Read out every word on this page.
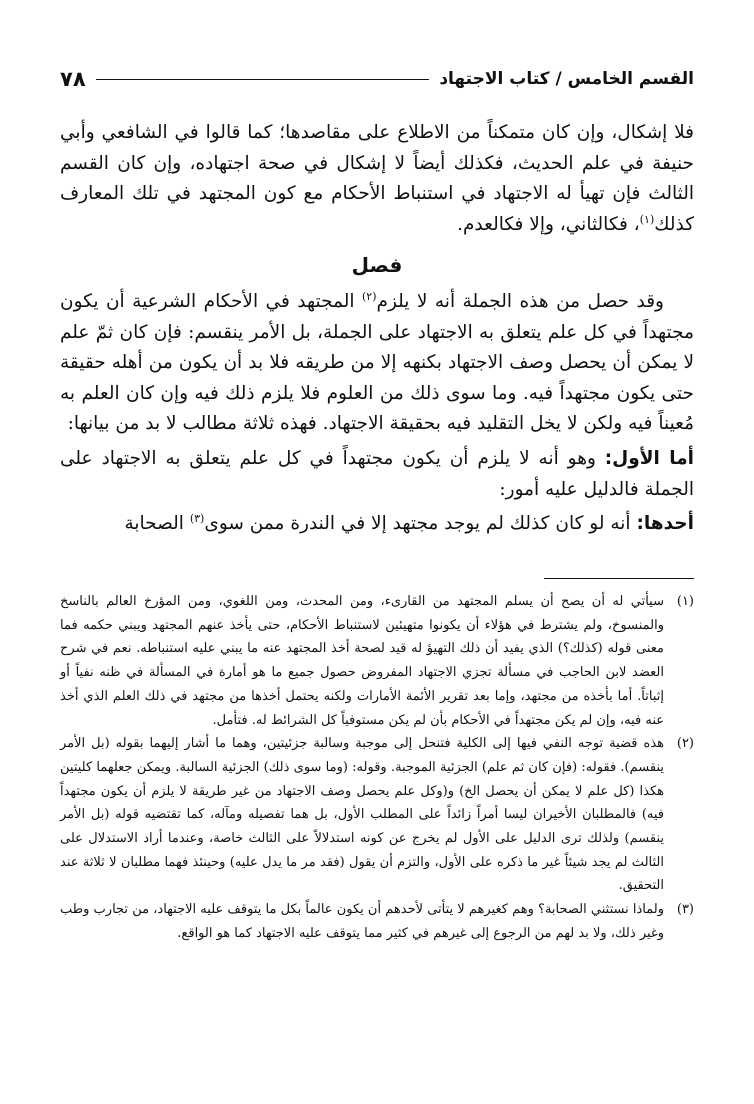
القسم الخامس / كتاب الاجتهاد
٧٨

فلا إشكال، وإن كان متمكناً من الاطلاع على مقاصدها؛ كما قالوا في الشافعي وأبي حنيفة في علم الحديث، فكذلك أيضاً لا إشكال في صحة اجتهاده، وإن كان القسم الثالث فإن تهيأ له الاجتهاد في استنباط الأحكام مع كون المجتهد في تلك المعارف كذلك$^{(١)}$، فكالثاني، وإلا فكالعدم.

فصل

وقد حصل من هذه الجملة أنه لا يلزم$^{(٢)}$ المجتهد في الأحكام الشرعية أن يكون مجتهداً في كل علم يتعلق به الاجتهاد على الجملة، بل الأمر ينقسم: فإن كان ثمّ علم لا يمكن أن يحصل وصف الاجتهاد بكنهه إلا من طريقه فلا بد أن يكون من أهله حقيقة حتى يكون مجتهداً فيه. وما سوى ذلك من العلوم فلا يلزم ذلك فيه وإن كان العلم به مُعيناً فيه ولكن لا يخل التقليد فيه بحقيقة الاجتهاد. فهذه ثلاثة مطالب لا بد من بيانها:

أما الأول: وهو أنه لا يلزم أن يكون مجتهداً في كل علم يتعلق به الاجتهاد على الجملة فالدليل عليه أمور:

أحدها: أنه لو كان كذلك لم يوجد مجتهد إلا في الندرة ممن سوى$^{(٣)}$ الصحابة

(١)
سيأتي له أن يصح أن يسلم المجتهد من القارىء، ومن المحدث، ومن اللغوي، ومن المؤرخ العالم بالناسخ والمنسوخ، ولم يشترط في هؤلاء أن يكونوا متهيئين لاستنباط الأحكام، حتى يأخذ عنهم المجتهد ويبني حكمه فما معنى قوله (كذلك؟) الذي يفيد أن ذلك التهيؤ له قيد لصحة أخذ المجتهد عنه ما يبني عليه استنباطه. نعم في شرح العضد لابن الحاجب في مسألة تجزي الاجتهاد المفروض حصول جميع ما هو أمارة في المسألة في ظنه نفياً أو إثباتاً. أما بأخذه من مجتهد، وإما بعد تقرير الأئمة الأمارات ولكنه يحتمل أخذها من مجتهد في ذلك العلم الذي أخذ عنه فيه، وإن لم يكن مجتهداً في الأحكام بأن لم يكن مستوفياً كل الشرائط له. فتأمل.
(٢)
هذه قضية توجه النفي فيها إلى الكلية فتنحل إلى موجبة وسالبة جزئيتين، وهما ما أشار إليهما بقوله (بل الأمر ينقسم). فقوله: (فإن كان ثم علم) الجزئية الموجبة. وقوله: (وما سوى ذلك) الجزئية السالبة. ويمكن جعلهما كليتين هكذا (كل علم لا يمكن أن يحصل الخ) و(وكل علم يحصل وصف الاجتهاد من غير طريقة لا يلزم أن يكون مجتهداً فيه) فالمطلبان الأخيران ليسا أمراً زائداً على المطلب الأول، بل هما تفصيله ومآله، كما تقتضيه قوله (بل الأمر ينقسم) ولذلك ترى الدليل على الأول لم يخرج عن كونه استدلالاً على الثالث خاصة، وعندما أراد الاستدلال على الثالث لم يجد شيئاً غير ما ذكره على الأول، والتزم أن يقول (فقد مر ما يدل عليه) وحينئذ فهما مطلبان لا ثلاثة عند التحقيق.
(٣)
ولماذا نستثني الصحابة؟ وهم كغيرهم لا يتأتى لأحدهم أن يكون عالماً بكل ما يتوقف عليه الاجتهاد، من تجارب وطب وغير ذلك، ولا بد لهم من الرجوع إلى غيرهم في كثير مما يتوقف عليه الاجتهاد كما هو الواقع.
